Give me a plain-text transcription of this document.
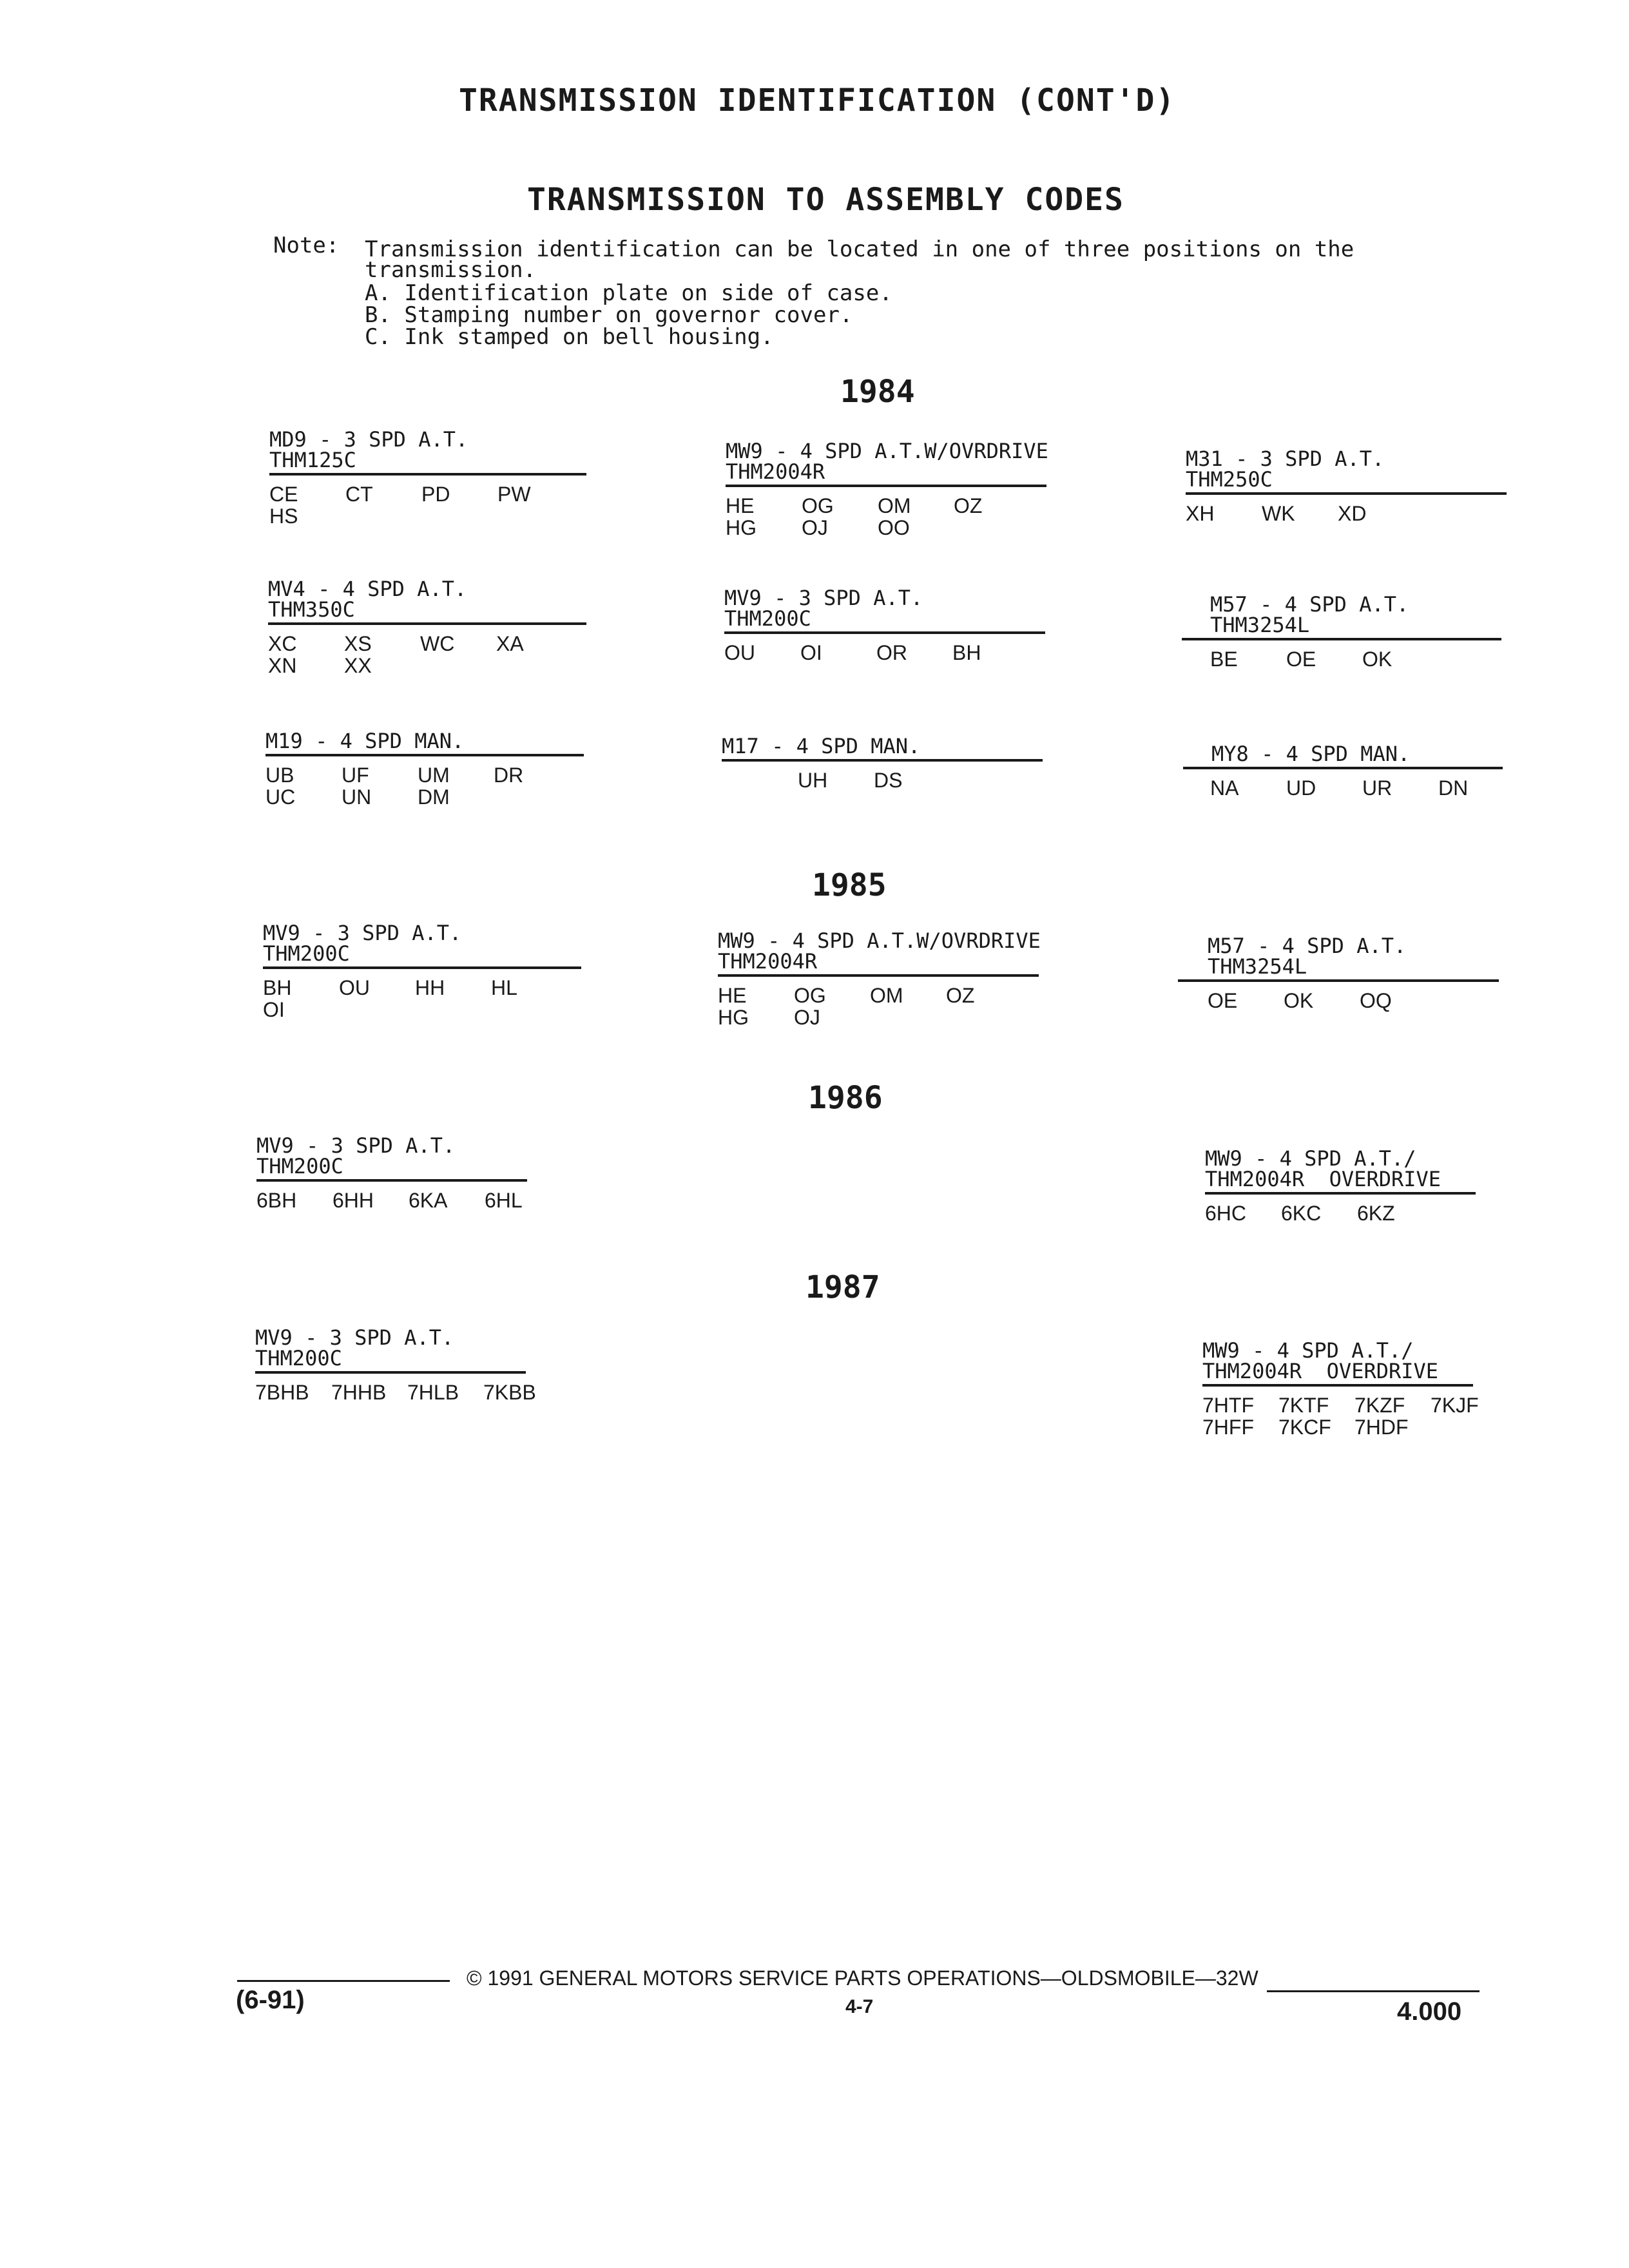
TRANSMISSION IDENTIFICATION (CONT'D)
TRANSMISSION TO ASSEMBLY CODES
Note: Transmission identification can be located in one of three positions on the
transmission.
A. Identification plate on side of case.
B. Stamping number on governor cover.
C. Ink stamped on bell housing.
1984
MD9 - 3 SPD A.T.
THM125C
CE	CT	PD	PW
HS
MW9 - 4 SPD A.T.W/OVRDRIVE
THM2004R
HE	OG	OM	OZ
HG	OJ	OO
M31 - 3 SPD A.T.
THM250C
XH	WK	XD
MV4 - 4 SPD A.T.
THM350C
XC	XS	WC	XA
XN	XX
MV9 - 3 SPD A.T.
THM200C
OU	OI	OR	BH
M57 - 4 SPD A.T.
THM3254L
BE	OE	OK
M19 - 4 SPD MAN.
UB	UF	UM	DR
UC	UN	DM
M17 - 4 SPD MAN.
UH	DS
MY8 - 4 SPD MAN.
NA	UD	UR	DN
1985
MV9 - 3 SPD A.T.
THM200C
BH	OU	HH	HL
OI
MW9 - 4 SPD A.T.W/OVRDRIVE
THM2004R
HE	OG	OM	OZ
HG	OJ
M57 - 4 SPD A.T.
THM3254L
OE	OK	OQ
1986
MV9 - 3 SPD A.T.
THM200C
6BH	6HH	6KA	6HL
MW9 - 4 SPD A.T./
THM2004R  OVERDRIVE
6HC	6KC	6KZ
1987
MV9 - 3 SPD A.T.
THM200C
7BHB	7HHB	7HLB	7KBB
MW9 - 4 SPD A.T./
THM2004R  OVERDRIVE
7HTF	7KTF	7KZF	7KJF
7HFF	7KCF	7HDF
(6-91)
© 1991 GENERAL MOTORS SERVICE PARTS OPERATIONS—OLDSMOBILE—32W
4-7	4.000
